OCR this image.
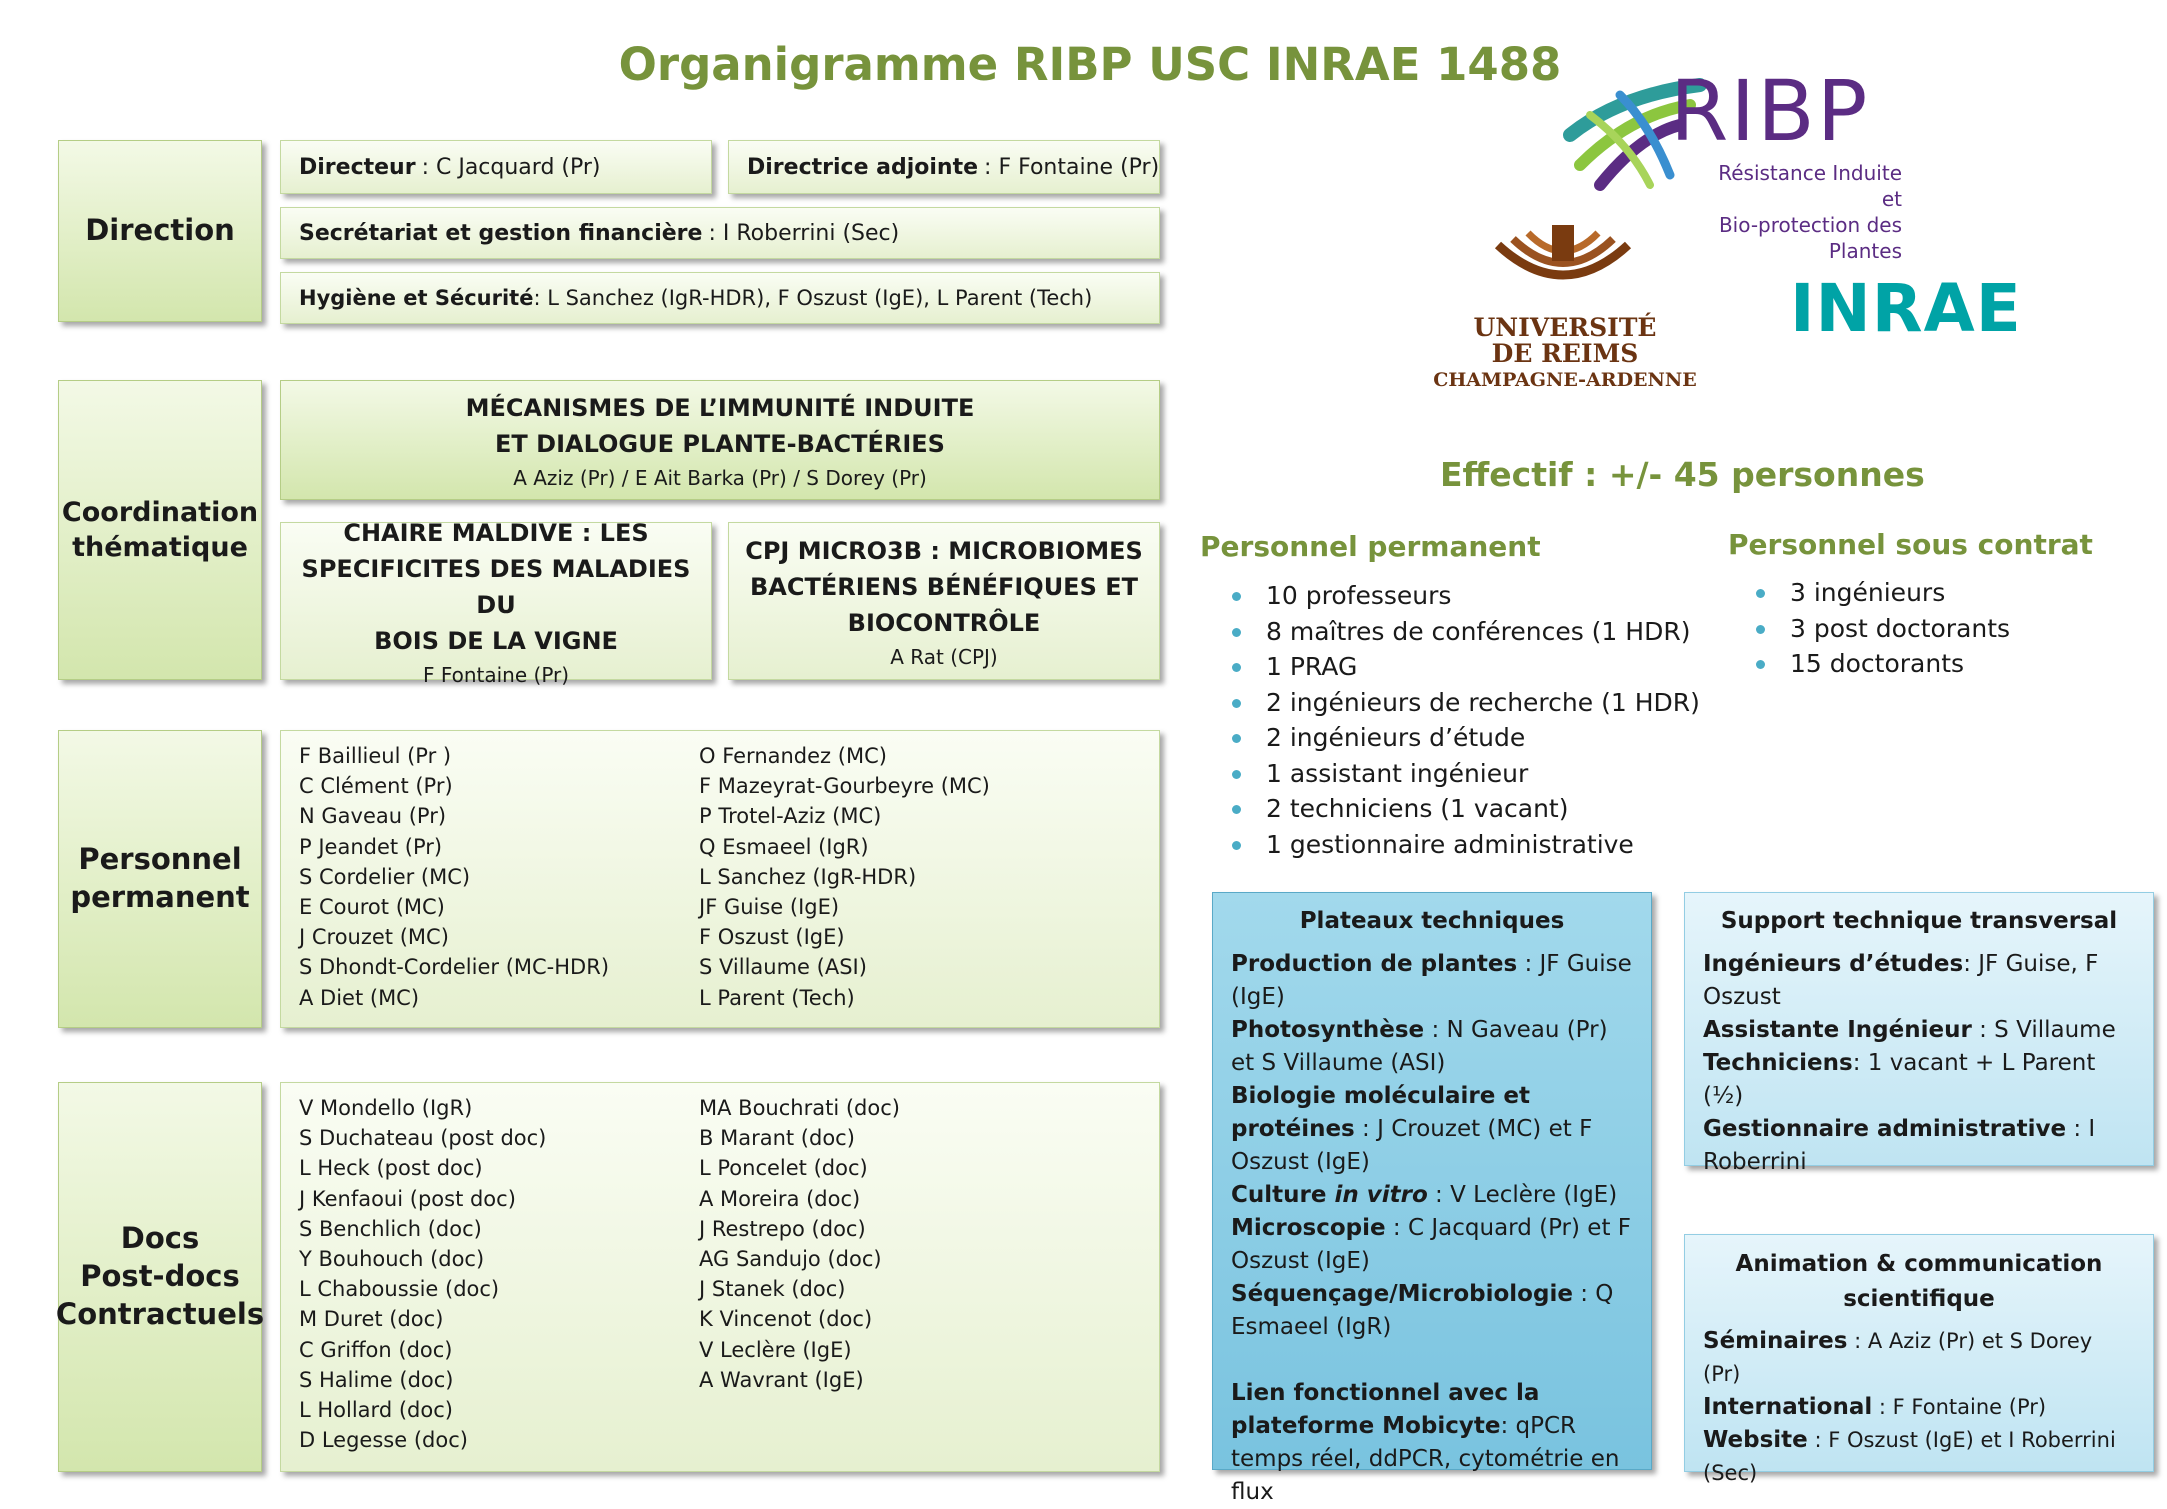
Organigramme RIBP USC INRAE 1488	RIBP
Résistance Induite et
Bio-protection des Plantes
UNIVERSITÉ
DE REIMS
CHAMPAGNE-ARDENNE
INRAE
Direction
Directeur : C Jacquard (Pr)	Directrice adjointe : F Fontaine (Pr)
Secrétariat et gestion financière : I Roberrini (Sec)
Hygiène et Sécurité : L Sanchez (IgR-HDR), F Oszust (IgE), L Parent (Tech)
Coordination
thématique
MÉCANISMES DE L’IMMUNITÉ INDUITE
ET DIALOGUE PLANTE-BACTÉRIES
A Aziz (Pr) / E Ait Barka (Pr) / S Dorey (Pr)
CHAIRE MALDIVE : LES
SPECIFICITES DES MALADIES DU
BOIS DE LA VIGNE
F Fontaine (Pr)
CPJ MICRO3B : MICROBIOMES
BACTÉRIENS BÉNÉFIQUES ET
BIOCONTRÔLE
A Rat (CPJ)
Personnel
permanent
F Baillieul (Pr )
C Clément (Pr)
N Gaveau (Pr)
P Jeandet (Pr)
S Cordelier (MC)
E Courot (MC)
J Crouzet (MC)
S Dhondt-Cordelier (MC-HDR)
A Diet (MC)
O Fernandez (MC)
F Mazeyrat-Gourbeyre (MC)
P Trotel-Aziz (MC)
Q Esmaeel (IgR)
L Sanchez (IgR-HDR)
JF Guise (IgE)
F Oszust (IgE)
S Villaume (ASI)
L Parent (Tech)
Docs
Post-docs
Contractuels
V Mondello (IgR)
S Duchateau (post doc)
L Heck (post doc)
J Kenfaoui (post doc)
S Benchlich (doc)
Y Bouhouch (doc)
L Chaboussie (doc)
M Duret (doc)
C Griffon (doc)
S Halime (doc)
L Hollard (doc)
D Legesse (doc)
MA Bouchrati (doc)
B Marant (doc)
L Poncelet (doc)
A Moreira (doc)
J Restrepo (doc)
AG Sandujo (doc)
J Stanek (doc)
K Vincenot (doc)
V Leclère (IgE)
A Wavrant (IgE)
Effectif : +/- 45 personnes
Personnel permanent
10 professeurs
8 maîtres de conférences (1 HDR)
1 PRAG
2 ingénieurs de recherche (1 HDR)
2 ingénieurs d’étude
1 assistant ingénieur
2 techniciens (1 vacant)
1 gestionnaire administrative
Personnel sous contrat
3 ingénieurs
3 post doctorants
15 doctorants
Plateaux techniques

Production de plantes : JF Guise (IgE)

Photosynthèse : N Gaveau (Pr) et S Villaume (ASI)

Biologie moléculaire et protéines : J Crouzet (MC) et F Oszust (IgE)

Culture in vitro : V Leclère (IgE)

Microscopie : C Jacquard (Pr) et F Oszust (IgE)

Séquençage/Microbiologie : Q Esmaeel (IgR)

Lien fonctionnel avec la plateforme Mobicyte: qPCR temps réel, ddPCR, cytométrie en flux

Support technique transversal

Ingénieurs d’études: JF Guise, F Oszust

Assistante Ingénieur : S Villaume

Techniciens: 1 vacant + L Parent (½)

Gestionnaire administrative : I Roberrini

Animation & communication
scientifique

Séminaires : A Aziz (Pr) et S Dorey (Pr)

International : F Fontaine (Pr)

Website : F Oszust (IgE) et I Roberrini (Sec)
